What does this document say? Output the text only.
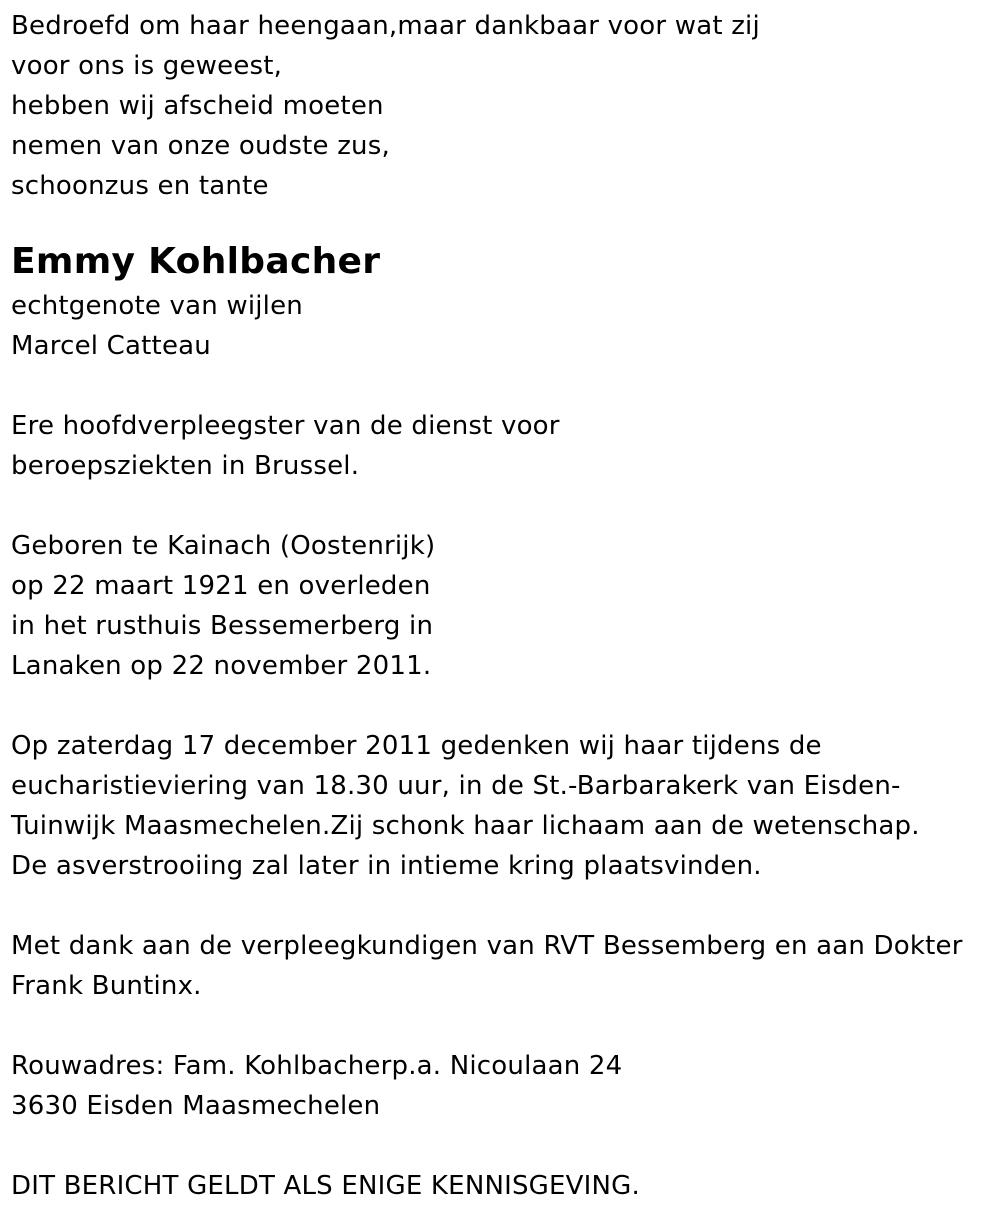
Bedroefd om haar heengaan,maar dankbaar voor wat zij
voor ons is geweest,
hebben wij afscheid moeten
nemen van onze oudste zus,
schoonzus en tante
Emmy Kohlbacher
echtgenote van wijlen
Marcel Catteau
Ere hoofdverpleegster van de dienst voor
beroepsziekten in Brussel.
Geboren te Kainach (Oostenrijk)
op 22 maart 1921 en overleden
in het rusthuis Bessemerberg in
Lanaken op 22 november 2011.
Op zaterdag 17 december 2011 gedenken wij haar tijdens de
eucharistieviering van 18.30 uur, in de St.-Barbarakerk van Eisden-
Tuinwijk Maasmechelen.Zij schonk haar lichaam aan de wetenschap.
De asverstrooiing zal later in intieme kring plaatsvinden.
Met dank aan de verpleegkundigen van RVT Bessemberg en aan Dokter
Frank Buntinx.
Rouwadres: Fam. Kohlbacherp.a. Nicoulaan 24
3630 Eisden Maasmechelen
DIT BERICHT GELDT ALS ENIGE KENNISGEVING.
